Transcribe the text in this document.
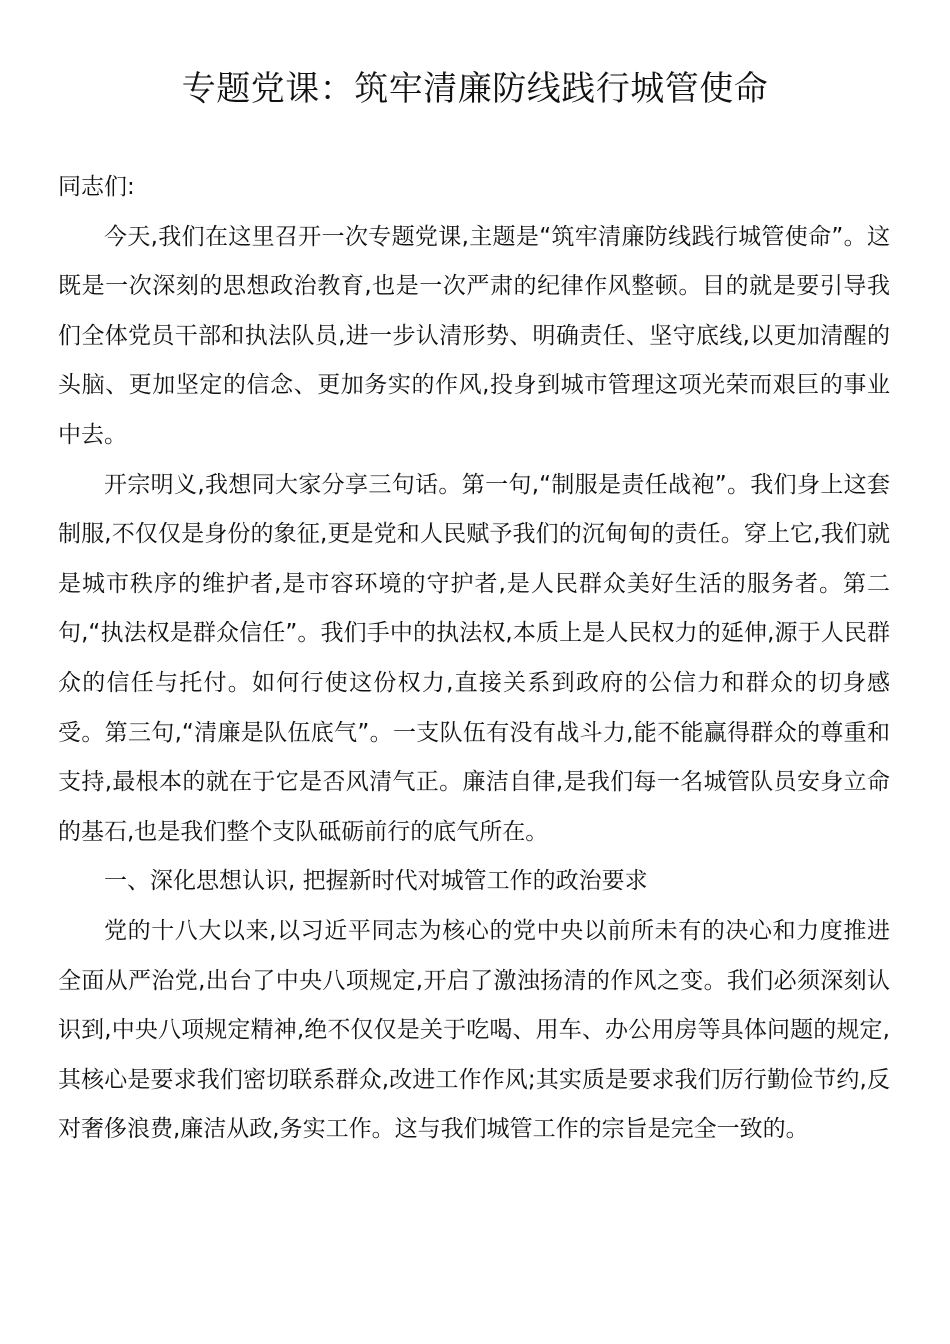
专题党课：筑牢清廉防线践行城管使命

同志们:

今天,我们在这里召开一次专题党课,主题是“筑牢清廉防线践行城管使命”。这既是一次深刻的思想政治教育,也是一次严肃的纪律作风整顿。目的就是要引导我们全体党员干部和执法队员,进一步认清形势、明确责任、坚守底线,以更加清醒的头脑、更加坚定的信念、更加务实的作风,投身到城市管理这项光荣而艰巨的事业中去。

开宗明义,我想同大家分享三句话。第一句,“制服是责任战袍”。我们身上这套制服,不仅仅是身份的象征,更是党和人民赋予我们的沉甸甸的责任。穿上它,我们就是城市秩序的维护者,是市容环境的守护者,是人民群众美好生活的服务者。第二句,“执法权是群众信任”。我们手中的执法权,本质上是人民权力的延伸,源于人民群众的信任与托付。如何行使这份权力,直接关系到政府的公信力和群众的切身感受。第三句,“清廉是队伍底气”。一支队伍有没有战斗力,能不能赢得群众的尊重和支持,最根本的就在于它是否风清气正。廉洁自律,是我们每一名城管队员安身立命的基石,也是我们整个支队砥砺前行的底气所在。

一、深化思想认识, 把握新时代对城管工作的政治要求

党的十八大以来,以习近平同志为核心的党中央以前所未有的决心和力度推进全面从严治党,出台了中央八项规定,开启了激浊扬清的作风之变。我们必须深刻认识到,中央八项规定精神,绝不仅仅是关于吃喝、用车、办公用房等具体问题的规定,其核心是要求我们密切联系群众,改进工作作风;其实质是要求我们厉行勤俭节约,反对奢侈浪费,廉洁从政,务实工作。这与我们城管工作的宗旨是完全一致的。
